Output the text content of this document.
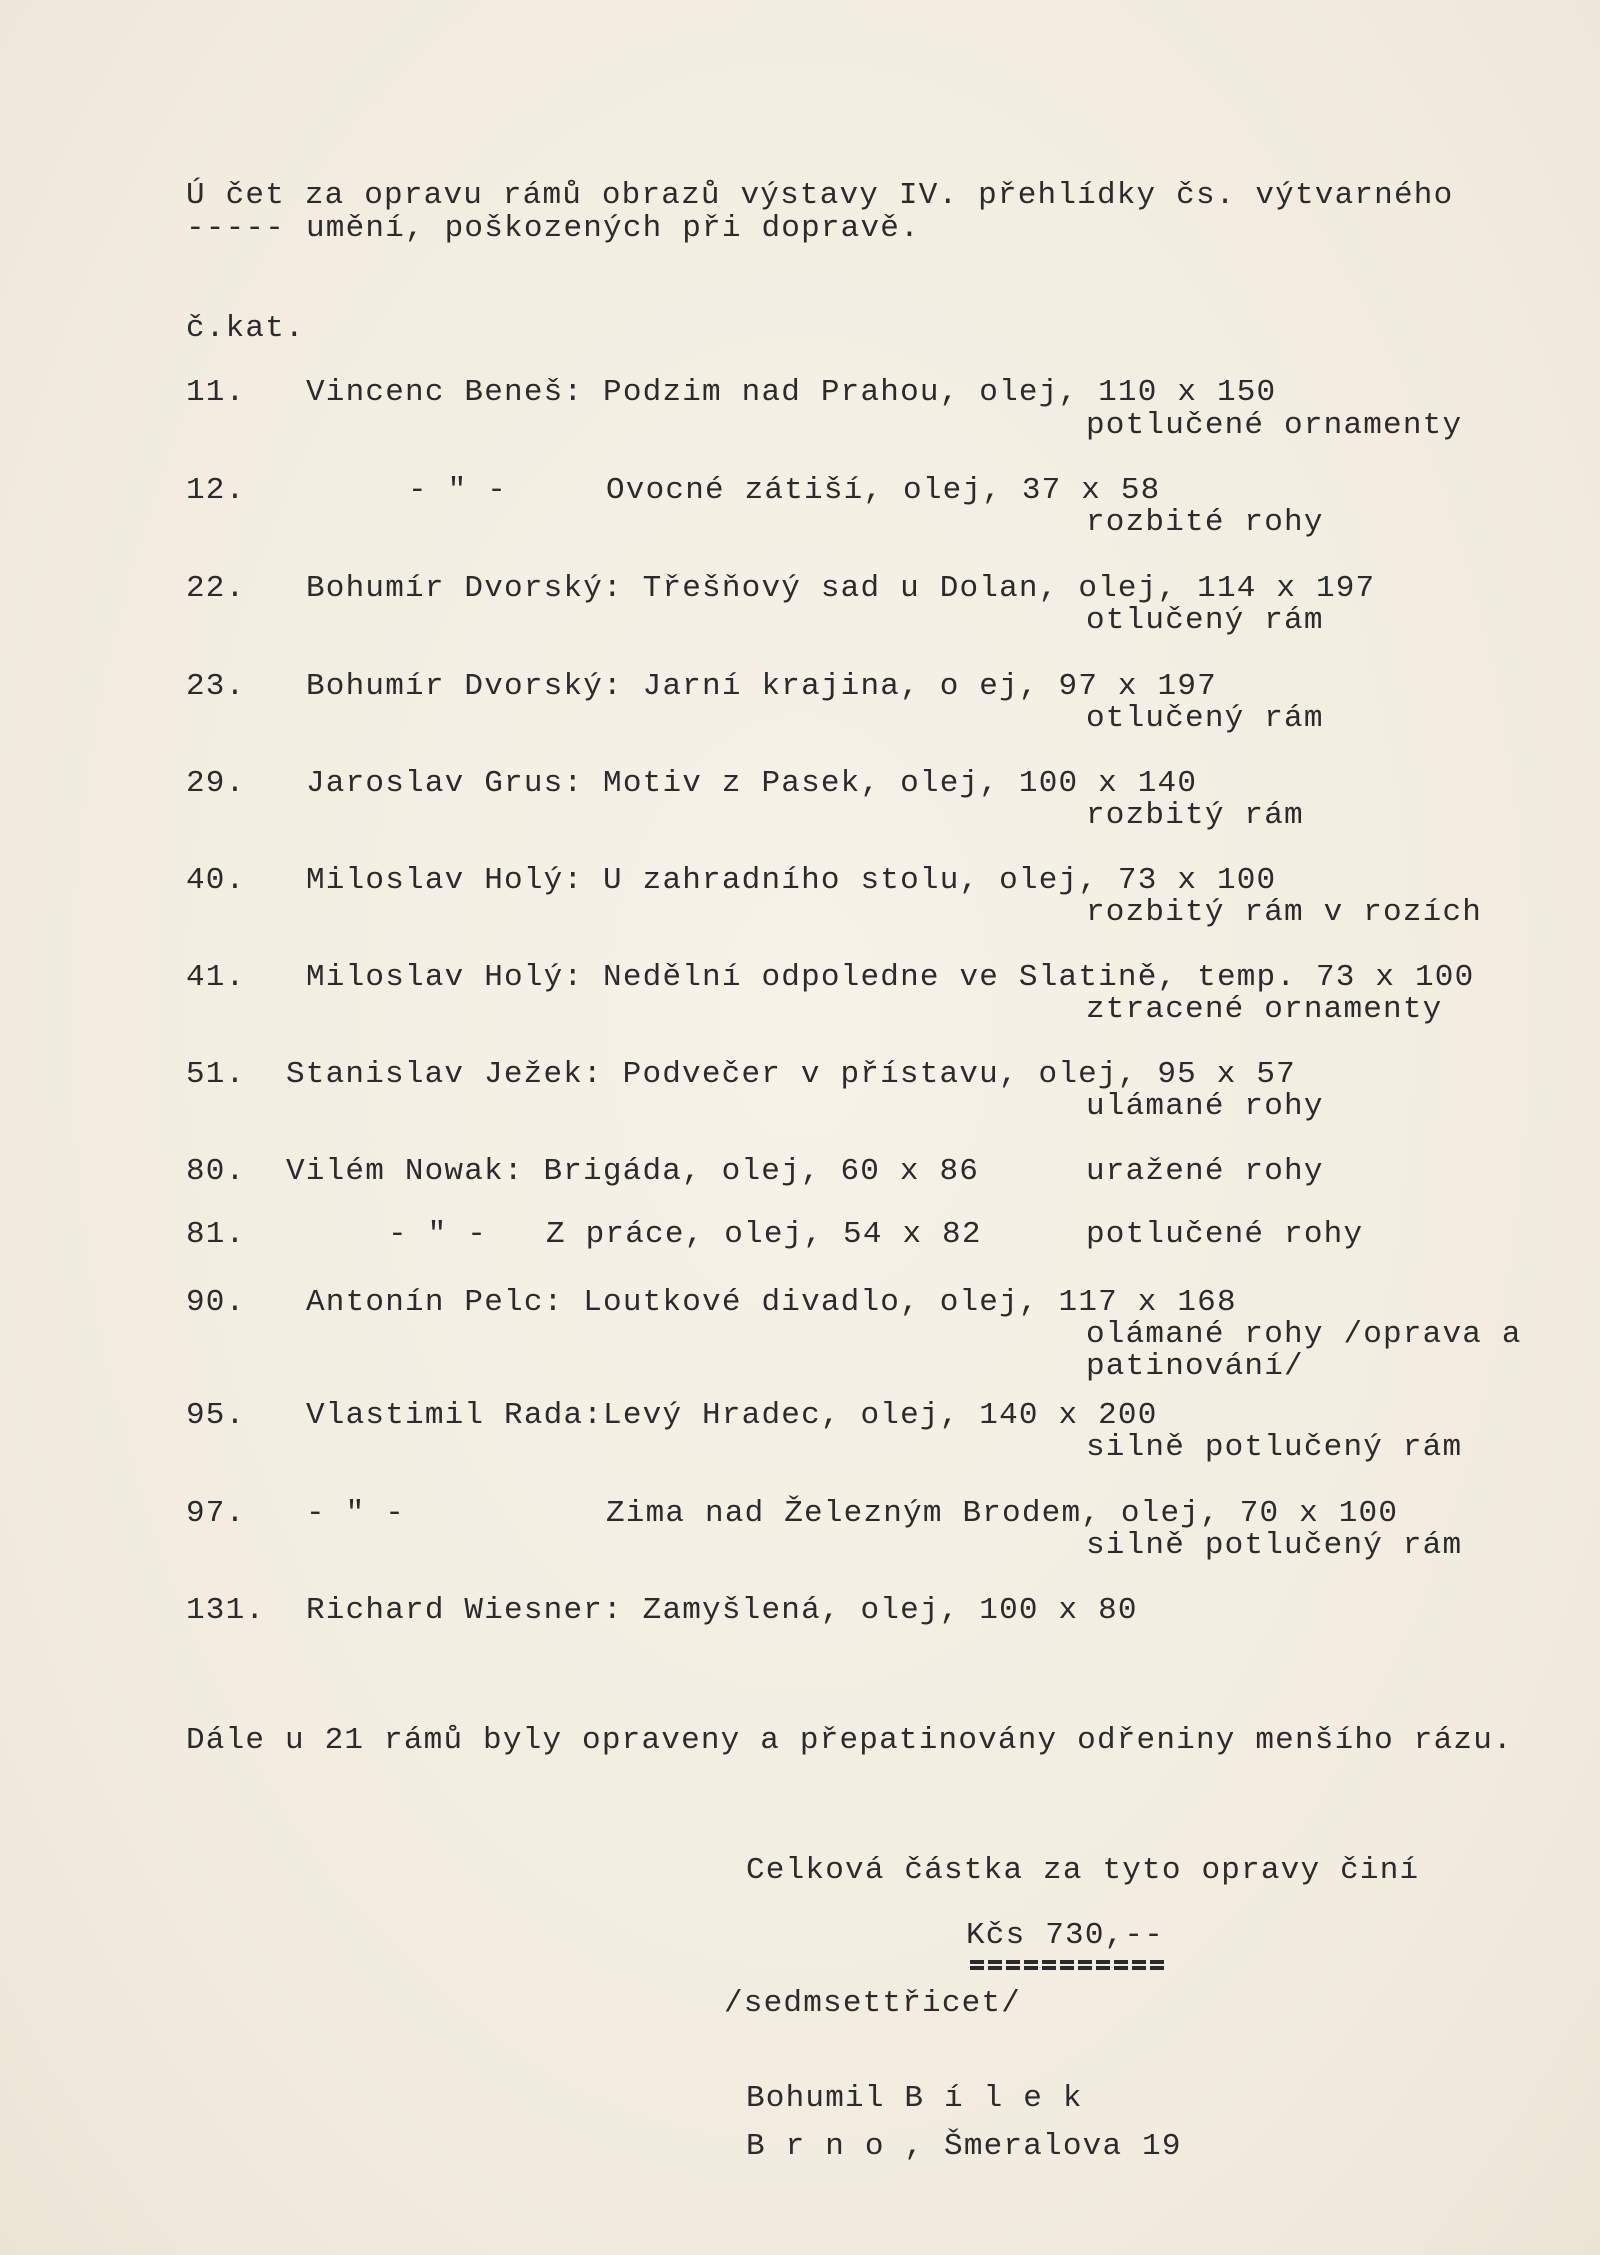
Ú čet za opravu rámů obrazů výstavy IV. přehlídky čs. výtvarného
----- umění, poškozených při dopravě.
č.kat.
11. Vincenc Beneš: Podzim nad Prahou, olej, 110 x 150
potlučené ornamenty
12.	- " -	Ovocné zátiší, olej, 37 x 58
rozbité rohy
22. Bohumír Dvorský: Třešňový sad u Dolan, olej, 114 x 197
otlučený rám
23. Bohumír Dvorský: Jarní krajina, o ej, 97 x 197
otlučený rám
29. Jaroslav Grus: Motiv z Pasek, olej, 100 x 140
rozbitý rám
40. Miloslav Holý: U zahradního stolu, olej, 73 x 100
rozbitý rám v rozích
41. Miloslav Holý: Nedělní odpoledne ve Slatině, temp. 73 x 100
ztracené ornamenty
51. Stanislav Ježek: Podvečer v přístavu, olej, 95 x 57
ulámané rohy
80. Vilém Nowak: Brigáda, olej, 60 x 86	uražené rohy
81.	- " - Z práce, olej, 54 x 82	potlučené rohy
90. Antonín Pelc: Loutkové divadlo, olej, 117 x 168
olámané rohy /oprava a
patinování/
95. Vlastimil Rada:Levý Hradec, olej, 140 x 200
silně potlučený rám
97. - " -	Zima nad Železným Brodem, olej, 70 x 100
silně potlučený rám
131. Richard Wiesner: Zamyšlená, olej, 100 x 80
Dále u 21 rámů byly opraveny a přepatinovány odřeniny menšího rázu.
Celková částka za tyto opravy činí
Kčs 730,--
/sedmsettřicet/
Bohumil B í l e k
B r n o , Šmeralova 19
